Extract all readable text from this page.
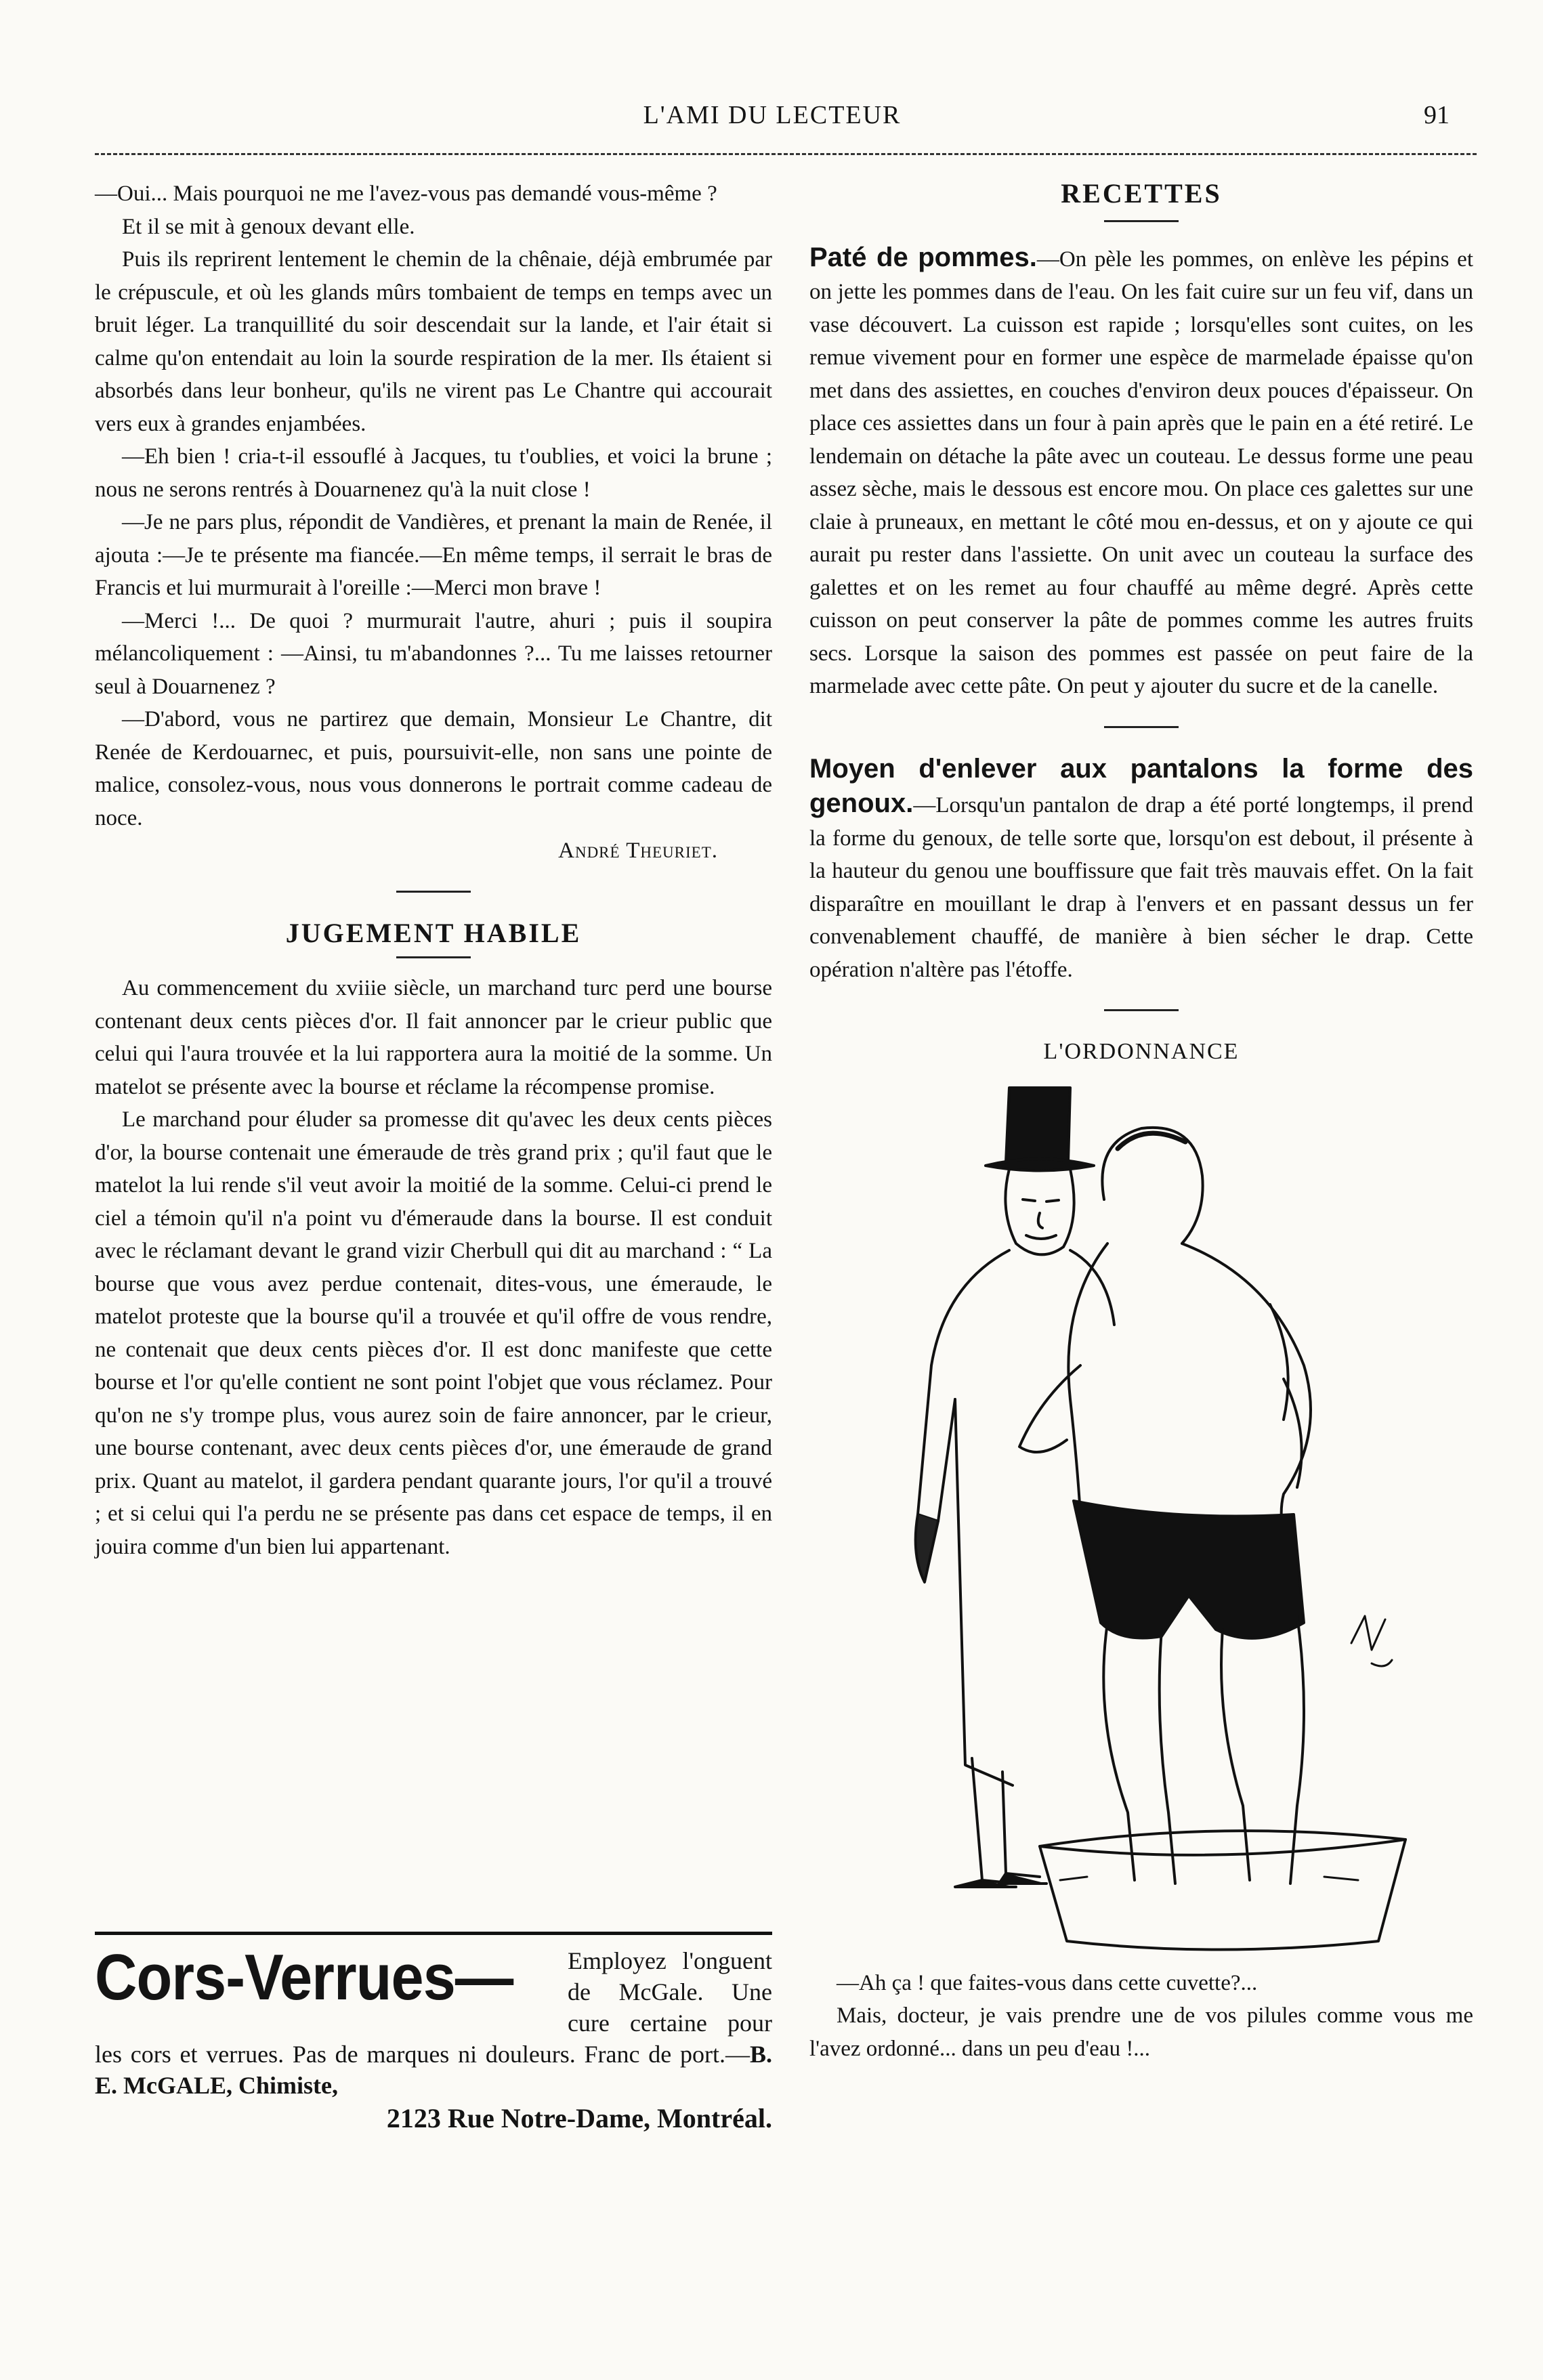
L'AMI DU LECTEUR	91

—Oui... Mais pourquoi ne me l'avez-vous pas demandé vous-même ?

Et il se mit à genoux devant elle.

Puis ils reprirent lentement le chemin de la chênaie, déjà embrumée par le crépuscule, et où les glands mûrs tombaient de temps en temps avec un bruit léger. La tranquillité du soir descendait sur la lande, et l'air était si calme qu'on entendait au loin la sourde respiration de la mer. Ils étaient si absorbés dans leur bonheur, qu'ils ne virent pas Le Chantre qui accourait vers eux à grandes enjambées.

—Eh bien ! cria-t-il essouflé à Jacques, tu t'oublies, et voici la brune ; nous ne serons rentrés à Douarnenez qu'à la nuit close !

—Je ne pars plus, répondit de Vandières, et prenant la main de Renée, il ajouta :—Je te présente ma fiancée.—En même temps, il serrait le bras de Francis et lui murmurait à l'oreille :—Merci mon brave !

—Merci !... De quoi ? murmurait l'autre, ahuri ; puis il soupira mélancoliquement : —Ainsi, tu m'abandonnes ?... Tu me laisses retourner seul à Douarnenez ?

—D'abord, vous ne partirez que demain, Monsieur Le Chantre, dit Renée de Kerdouarnec, et puis, poursuivit-elle, non sans une pointe de malice, consolez-vous, nous vous donnerons le portrait comme cadeau de noce.

André Theuriet.

JUGEMENT HABILE

Au commencement du xviiie siècle, un marchand turc perd une bourse contenant deux cents pièces d'or. Il fait annoncer par le crieur public que celui qui l'aura trouvée et la lui rapportera aura la moitié de la somme. Un matelot se présente avec la bourse et réclame la récompense promise.

Le marchand pour éluder sa promesse dit qu'avec les deux cents pièces d'or, la bourse contenait une émeraude de très grand prix ; qu'il faut que le matelot la lui rende s'il veut avoir la moitié de la somme. Celui-ci prend le ciel a témoin qu'il n'a point vu d'émeraude dans la bourse. Il est conduit avec le réclamant devant le grand vizir Cherbull qui dit au marchand : “ La bourse que vous avez perdue contenait, dites-vous, une émeraude, le matelot proteste que la bourse qu'il a trouvée et qu'il offre de vous rendre, ne contenait que deux cents pièces d'or. Il est donc manifeste que cette bourse et l'or qu'elle contient ne sont point l'objet que vous réclamez. Pour qu'on ne s'y trompe plus, vous aurez soin de faire annoncer, par le crieur, une bourse contenant, avec deux cents pièces d'or, une émeraude de grand prix. Quant au matelot, il gardera pendant quarante jours, l'or qu'il a trouvé ; et si celui qui l'a perdu ne se présente pas dans cet espace de temps, il en jouira comme d'un bien lui appartenant.

Cors-Verrues—	Employez l'onguent de McGale. Une cure certaine pour les cors et verrues. Pas de marques ni douleurs. Franc de port.—B. E. McGALE, Chimiste,
2123 Rue Notre-Dame, Montréal.
RECETTES

Paté de pommes.—On pèle les pommes, on enlève les pépins et on jette les pommes dans de l'eau. On les fait cuire sur un feu vif, dans un vase découvert. La cuisson est rapide ; lorsqu'elles sont cuites, on les remue vivement pour en former une espèce de marmelade épaisse qu'on met dans des assiettes, en couches d'environ deux pouces d'épaisseur. On place ces assiettes dans un four à pain après que le pain en a été retiré. Le lendemain on détache la pâte avec un couteau. Le dessus forme une peau assez sèche, mais le dessous est encore mou. On place ces galettes sur une claie à pruneaux, en mettant le côté mou en-dessus, et on y ajoute ce qui aurait pu rester dans l'assiette. On unit avec un couteau la surface des galettes et on les remet au four chauffé au même degré. Après cette cuisson on peut conserver la pâte de pommes comme les autres fruits secs. Lorsque la saison des pommes est passée on peut faire de la marmelade avec cette pâte. On peut y ajouter du sucre et de la canelle.

Moyen d'enlever aux pantalons la forme des genoux.—Lorsqu'un pantalon de drap a été porté longtemps, il prend la forme du genoux, de telle sorte que, lorsqu'on est debout, il présente à la hauteur du genou une bouffissure que fait très mauvais effet. On la fait disparaître en mouillant le drap à l'envers et en passant dessus un fer convenablement chauffé, de manière à bien sécher le drap. Cette opération n'altère pas l'étoffe.

L'ORDONNANCE

—Ah ça ! que faites-vous dans cette cuvette?...

Mais, docteur, je vais prendre une de vos pilules comme vous me l'avez ordonné... dans un peu d'eau !...
